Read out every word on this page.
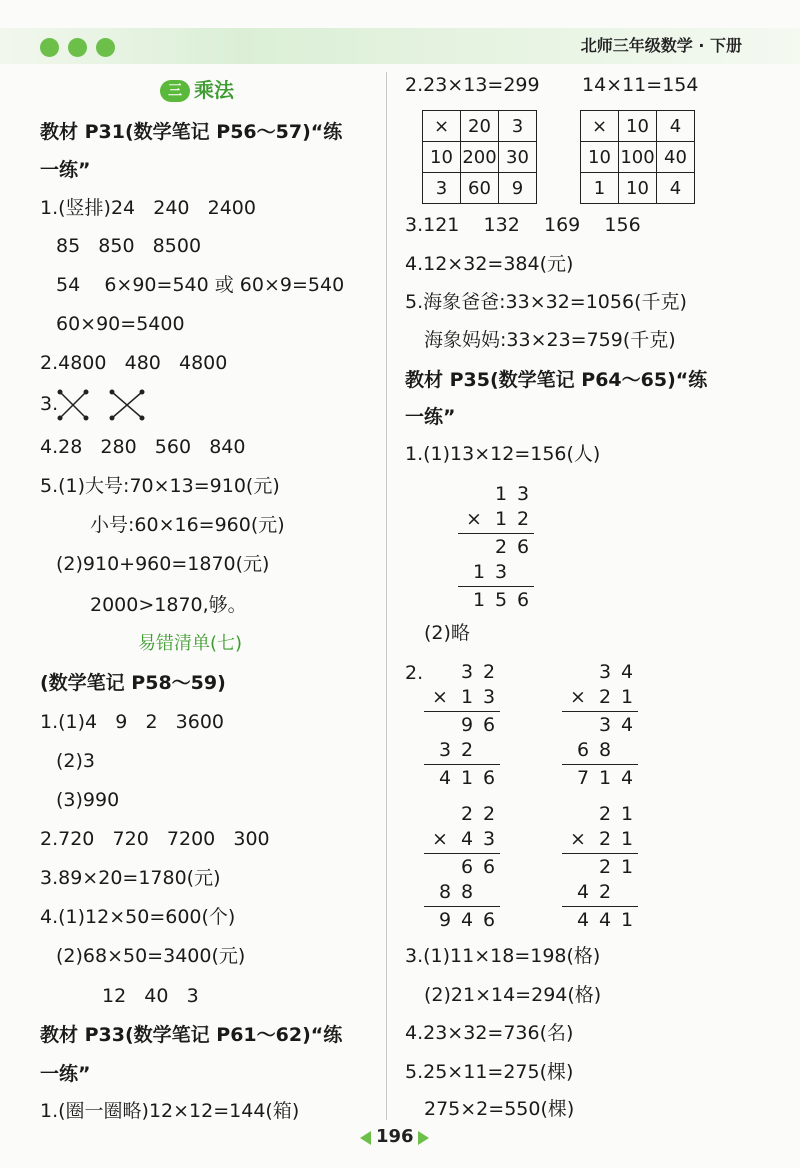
北师三年级数学 · 下册
三 乘法
教材 P31(数学笔记 P56～57)“练
一练”
1.(竖排)24   240   2400
85   850   8500
54    6×90=540 或 60×9=540
60×90=5400
2.4800   480   4800
3.
4.28   280   560   840
5.(1)大号:70×13=910(元)
小号:60×16=960(元)
(2)910+960=1870(元)
2000>1870,够。
易错清单(七)
(数学笔记 P58～59)
1.(1)4   9   2   3600
(2)3
(3)990
2.720   720   7200   300
3.89×20=1780(元)
4.(1)12×50=600(个)
(2)68×50=3400(元)
12   40   3
教材 P33(数学笔记 P61～62)“练
一练”
1.(圈一圈略)12×12=144(箱)
2.23×13=299 14×11=154
×	20	3
10	200	30
3	60	9
×	10	4
10	100	40
1	10	4
3.121    132    169    156
4.12×32=384(元)
5.海象爸爸:33×32=1056(千克)
海象妈妈:33×23=759(千克)
教材 P35(数学笔记 P64～65)“练
一练”
1.(1)13×12=156(人)
1 3
× 1 2
2 6
1 3
1 5 6
(2)略
2. 3 2
× 1 3
9 6
3 2
4 1 6
3 4
× 2 1
3 4
6 8
7 1 4
2 2
× 4 3
6 6
8 8
9 4 6
2 1
× 2 1
2 1
4 2
4 4 1
3.(1)11×18=198(格)
(2)21×14=294(格)
4.23×32=736(名)
5.25×11=275(棵)
275×2=550(棵)
196
